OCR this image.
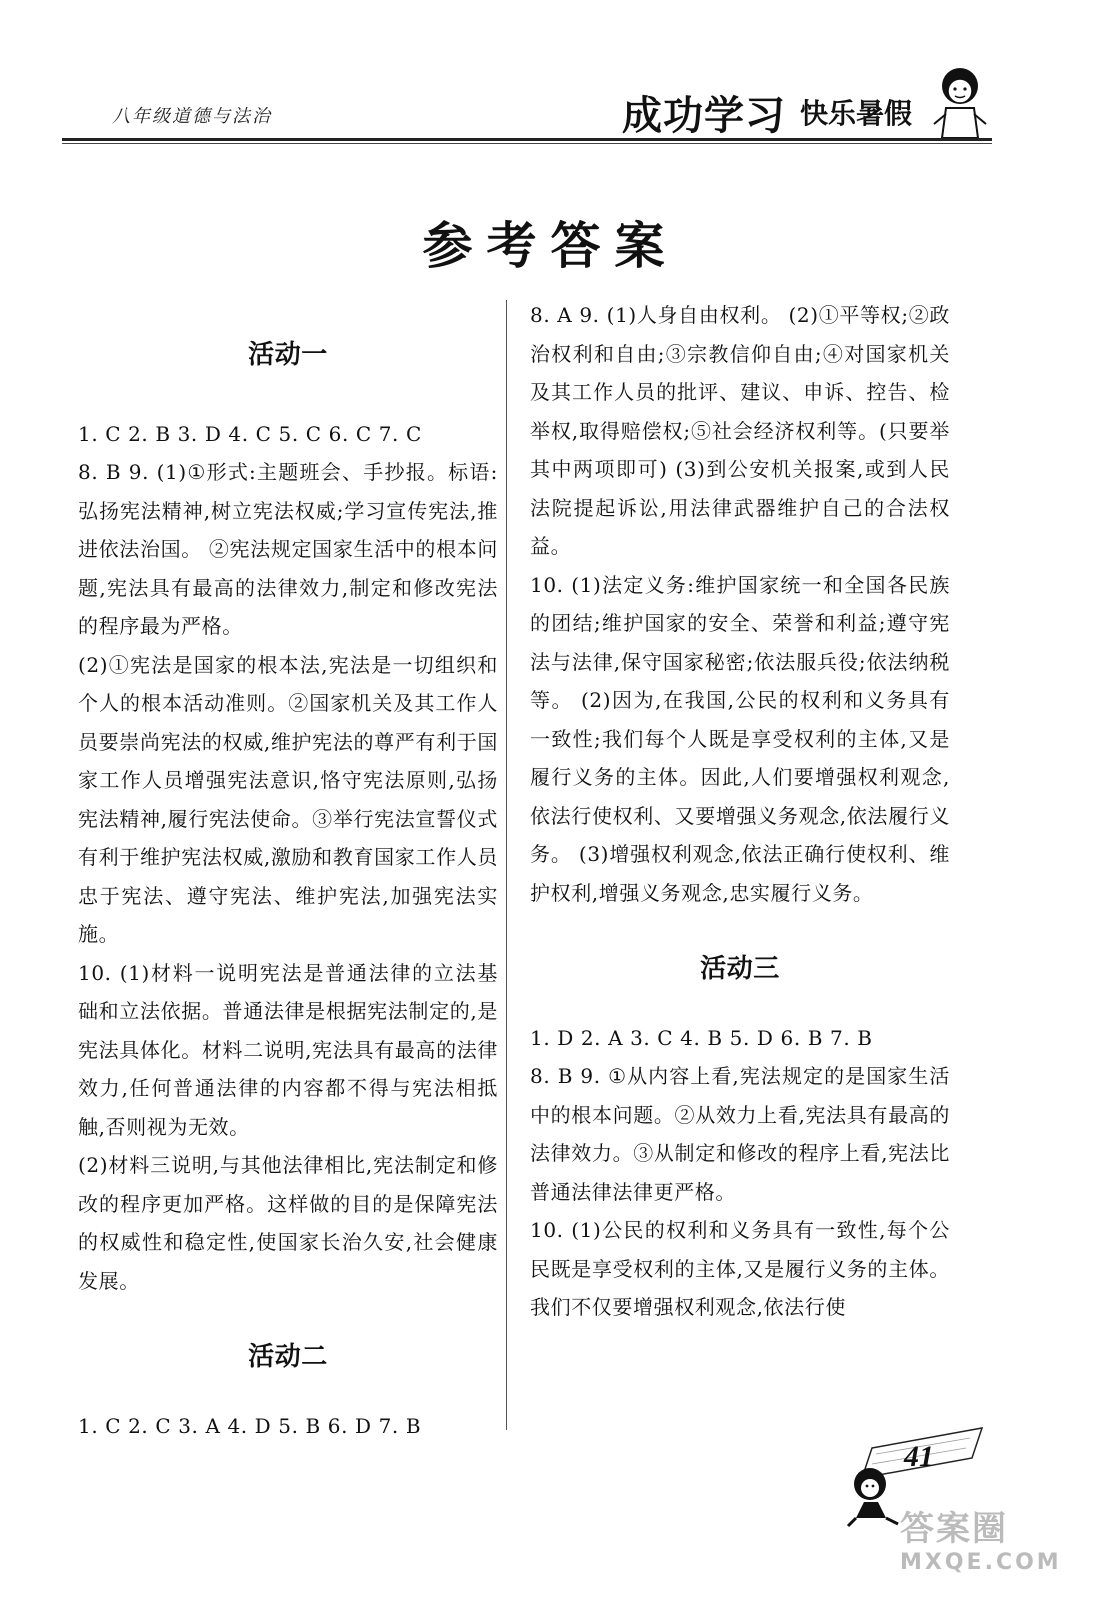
八年级道德与法治	成功学习 快乐暑假
参考答案
活动一

1. C 2. B 3. D 4. C 5. C 6. C 7. C

8. B 9. (1)①形式:主题班会、手抄报。标语:弘扬宪法精神,树立宪法权威;学习宣传宪法,推进依法治国。 ②宪法规定国家生活中的根本问题,宪法具有最高的法律效力,制定和修改宪法的程序最为严格。

(2)①宪法是国家的根本法,宪法是一切组织和个人的根本活动准则。②国家机关及其工作人员要崇尚宪法的权威,维护宪法的尊严有利于国家工作人员增强宪法意识,恪守宪法原则,弘扬宪法精神,履行宪法使命。③举行宪法宣誓仪式有利于维护宪法权威,激励和教育国家工作人员忠于宪法、遵守宪法、维护宪法,加强宪法实施。

10. (1)材料一说明宪法是普通法律的立法基础和立法依据。普通法律是根据宪法制定的,是宪法具体化。材料二说明,宪法具有最高的法律效力,任何普通法律的内容都不得与宪法相抵触,否则视为无效。

(2)材料三说明,与其他法律相比,宪法制定和修改的程序更加严格。这样做的目的是保障宪法的权威性和稳定性,使国家长治久安,社会健康发展。

活动二

1. C 2. C 3. A 4. D 5. B 6. D 7. B

8. A 9. (1)人身自由权利。 (2)①平等权;②政治权利和自由;③宗教信仰自由;④对国家机关及其工作人员的批评、建议、申诉、控告、检举权,取得赔偿权;⑤社会经济权利等。(只要举其中两项即可) (3)到公安机关报案,或到人民法院提起诉讼,用法律武器维护自己的合法权益。

10. (1)法定义务:维护国家统一和全国各民族的团结;维护国家的安全、荣誉和利益;遵守宪法与法律,保守国家秘密;依法服兵役;依法纳税等。 (2)因为,在我国,公民的权利和义务具有一致性;我们每个人既是享受权利的主体,又是履行义务的主体。因此,人们要增强权利观念,依法行使权利、又要增强义务观念,依法履行义务。 (3)增强权利观念,依法正确行使权利、维护权利,增强义务观念,忠实履行义务。

活动三

1. D 2. A 3. C 4. B 5. D 6. B 7. B

8. B 9. ①从内容上看,宪法规定的是国家生活中的根本问题。②从效力上看,宪法具有最高的法律效力。③从制定和修改的程序上看,宪法比普通法律法律更严格。

10. (1)公民的权利和义务具有一致性,每个公民既是享受权利的主体,又是履行义务的主体。我们不仅要增强权利观念,依法行使

41
答案圈
MXQE.COM
